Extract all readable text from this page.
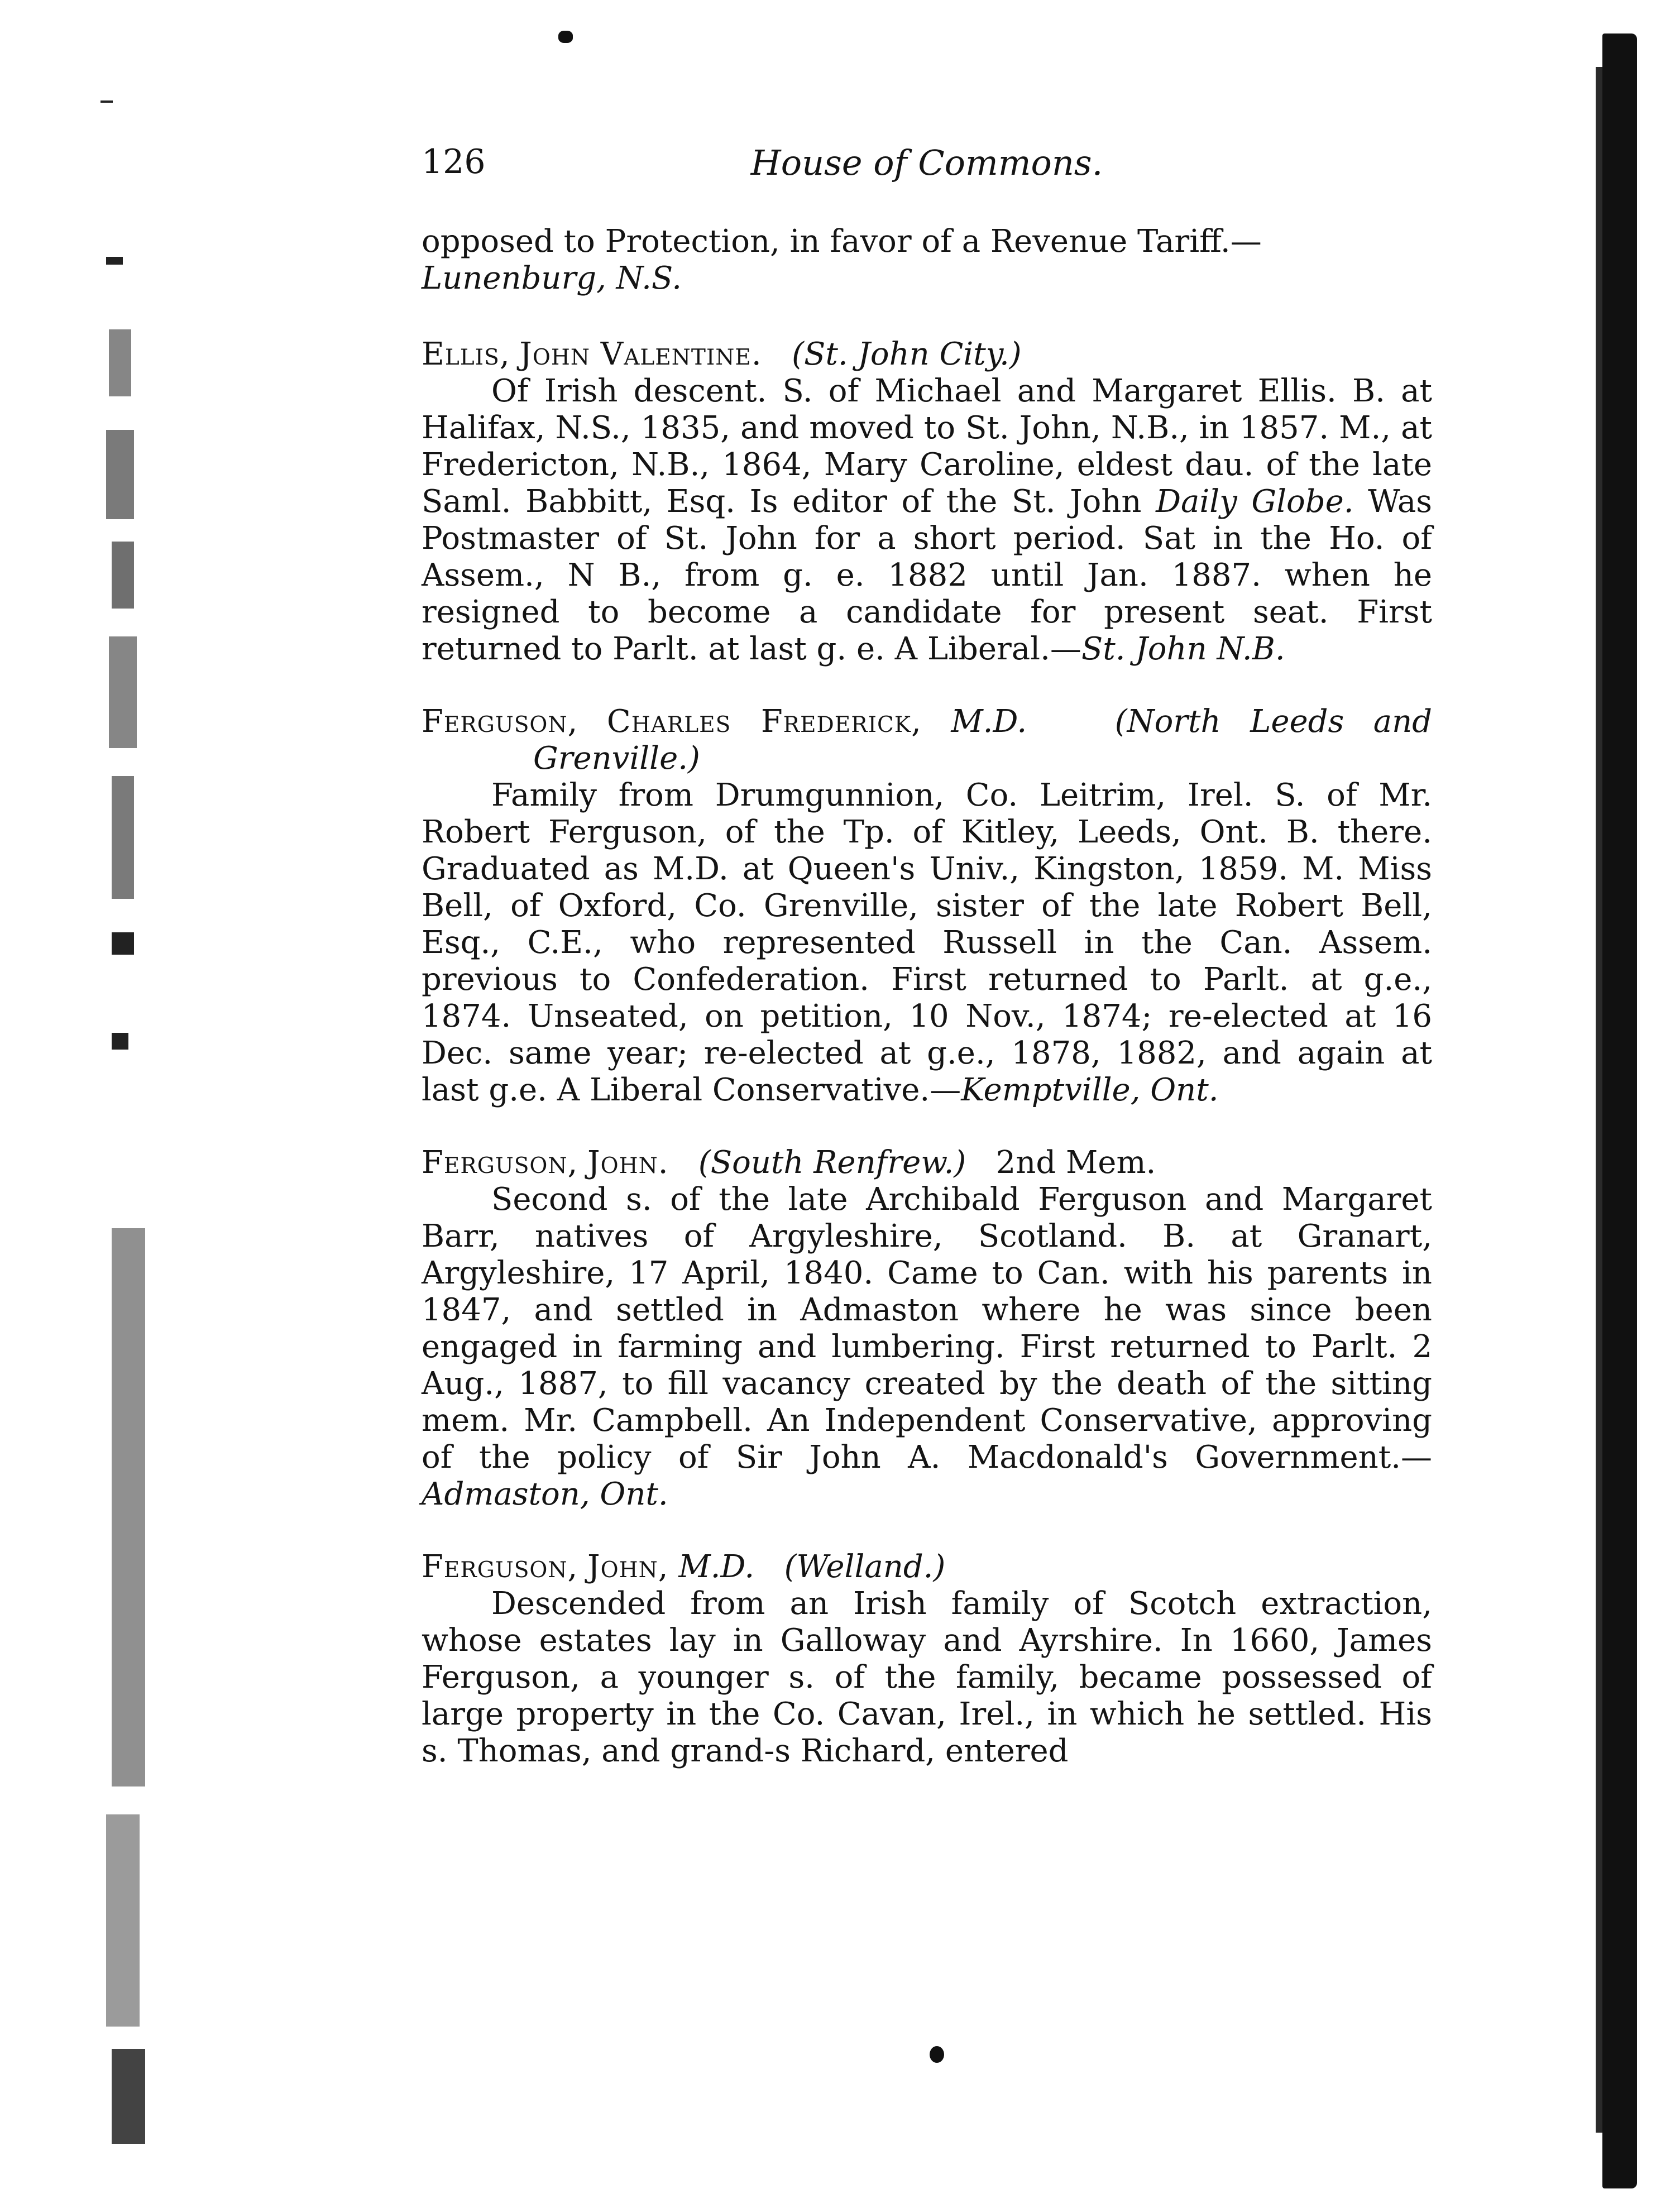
126	House of Commons.

opposed to Protection, in favor of a Revenue Tariff.—
Lunenburg, N.S.

Ellis, John Valentine. (St. John City.)

Of Irish descent. S. of Michael and Margaret Ellis. B. at Halifax, N.S., 1835, and moved to St. John, N.B., in 1857. M., at Fredericton, N.B., 1864, Mary Caroline, eldest dau. of the late Saml. Babbitt, Esq. Is editor of the St. John Daily Globe. Was Postmaster of St. John for a short period. Sat in the Ho. of Assem., N B., from g. e. 1882 until Jan. 1887. when he resigned to become a candidate for present seat. First returned to Parlt. at last g. e. A Liberal.—St. John N.B.

Ferguson, Charles Frederick, M.D.	(North Leeds and Grenville.)

Family from Drumgunnion, Co. Leitrim, Irel. S. of Mr. Robert Ferguson, of the Tp. of Kitley, Leeds, Ont. B. there. Graduated as M.D. at Queen's Univ., Kingston, 1859. M. Miss Bell, of Oxford, Co. Grenville, sister of the late Robert Bell, Esq., C.E., who represented Russell in the Can. Assem. previous to Confederation. First returned to Parlt. at g.e., 1874. Unseated, on petition, 10 Nov., 1874; re-elected at 16 Dec. same year; re-elected at g.e., 1878, 1882, and again at last g.e. A Liberal Conservative.—Kemptville, Ont.

Ferguson, John. (South Renfrew.) 2nd Mem.

Second s. of the late Archibald Ferguson and Margaret Barr, natives of Argyleshire, Scotland. B. at Granart, Argyleshire, 17 April, 1840. Came to Can. with his parents in 1847, and settled in Admaston where he was since been engaged in farming and lumbering. First returned to Parlt. 2 Aug., 1887, to fill vacancy created by the death of the sitting mem. Mr. Campbell. An Independent Conservative, approving of the policy of Sir John A. Macdonald's Government.—Admaston, Ont.

Ferguson, John, M.D. (Welland.)

Descended from an Irish family of Scotch extraction, whose estates lay in Galloway and Ayrshire. In 1660, James Ferguson, a younger s. of the family, became possessed of large property in the Co. Cavan, Irel., in which he settled. His s. Thomas, and grand-s Richard, entered
